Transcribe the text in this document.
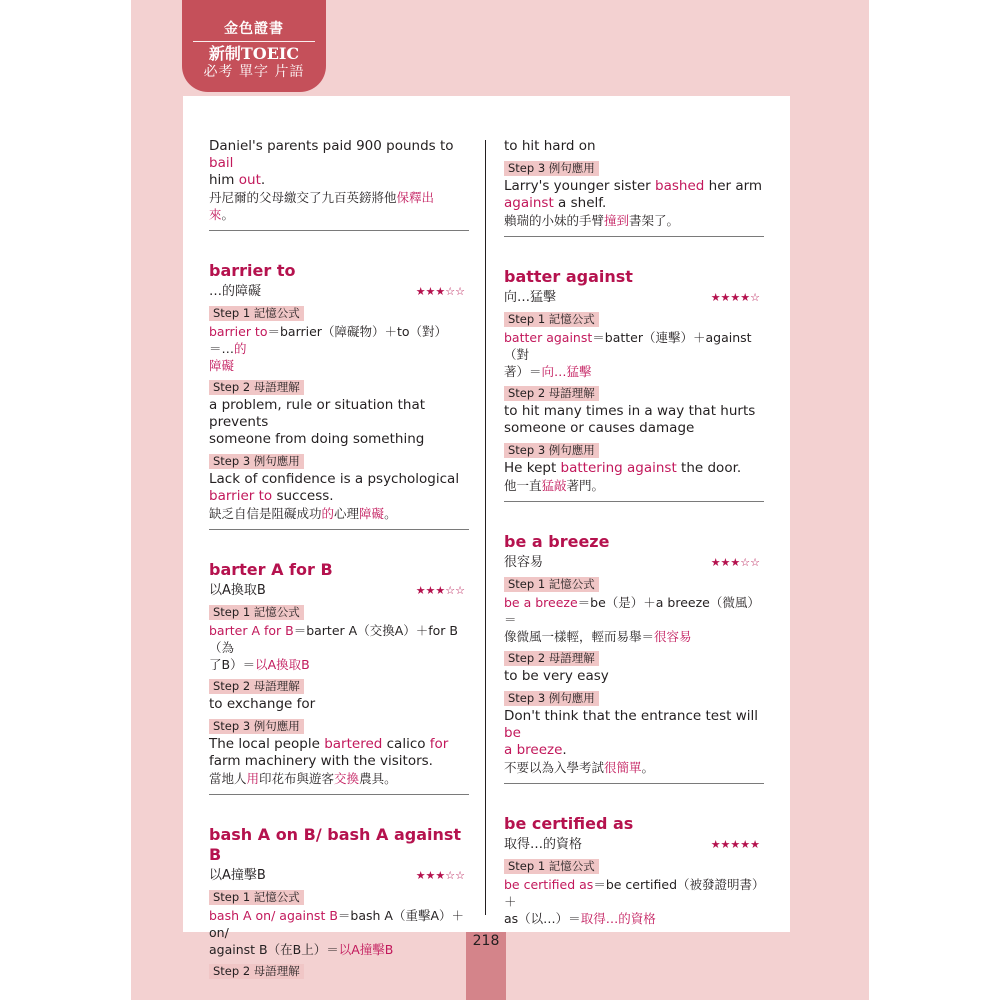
金色證書
新制TOEIC
必考 單字 片語
218
Daniel's parents paid 900 pounds to bail
him out.
丹尼爾的父母繳交了九百英鎊將他保釋出
來。
barrier to
…的障礙	★★★☆☆
Step 1 記憶公式
barrier to＝barrier（障礙物）＋to（對）＝…的
障礙
Step 2 母語理解
a problem, rule or situation that prevents
someone from doing something
Step 3 例句應用
Lack of confidence is a psychological
barrier to success.
缺乏自信是阻礙成功的心理障礙。
barter A for B
以A換取B	★★★☆☆
Step 1 記憶公式
barter A for B＝barter A（交換A）＋for B（為
了B）＝以A換取B
Step 2 母語理解
to exchange for
Step 3 例句應用
The local people bartered calico for
farm machinery with the visitors.
當地人用印花布與遊客交換農具。
bash A on B/ bash A against B
以A撞擊B	★★★☆☆
Step 1 記憶公式
bash A on/ against B＝bash A（重擊A）＋on/
against B（在B上）＝以A撞擊B
Step 2 母語理解
to hit hard on
Step 3 例句應用
Larry's younger sister bashed her arm
against a shelf.
賴瑞的小妹的手臂撞到書架了。
batter against
向…猛擊	★★★★☆
Step 1 記憶公式
batter against＝batter（連擊）＋against（對
著）＝向…猛擊
Step 2 母語理解
to hit many times in a way that hurts
someone or causes damage
Step 3 例句應用
He kept battering against the door.
他一直猛敲著門。
be a breeze
很容易	★★★☆☆
Step 1 記憶公式
be a breeze＝be（是）＋a breeze（微風）＝
像微風一樣輕，輕而易舉＝很容易
Step 2 母語理解
to be very easy
Step 3 例句應用
Don't think that the entrance test will be
a breeze.
不要以為入學考試很簡單。
be certified as
取得…的資格	★★★★★
Step 1 記憶公式
be certified as＝be certified（被發證明書）＋
as（以…）＝取得…的資格
